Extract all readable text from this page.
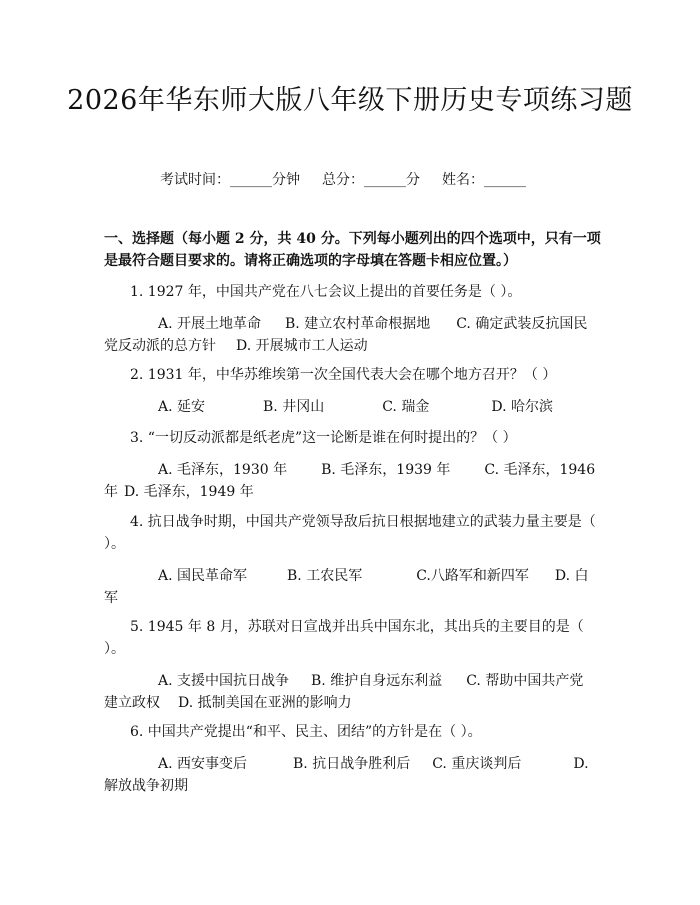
2026年华东师大版八年级下册历史专项练习题
考试时间：______分钟 总分：______分 姓名：______
一、选择题（每小题 2 分，共 40 分。下列每小题列出的四个选项中，只有一项是最符合题目要求的。请将正确选项的字母填在答题卡相应位置。）
1. 1927 年，中国共产党在八七会议上提出的首要任务是（ ）。
A. 开展土地革命 B. 建立农村革命根据地 C. 确定武装反抗国民党反动派的总方针 D. 开展城市工人运动
2. 1931 年，中华苏维埃第一次全国代表大会在哪个地方召开？（ ）
A. 延安	B. 井冈山	C. 瑞金	D. 哈尔滨
3. “一切反动派都是纸老虎”这一论断是谁在何时提出的？（ ）
A. 毛泽东，1930 年 B. 毛泽东，1939 年 C. 毛泽东，1946 年 D. 毛泽东，1949 年
4. 抗日战争时期，中国共产党领导敌后抗日根据地建立的武装力量主要是（ ）。
A. 国民革命军	B. 工农民军	C.八路军和新四军 D. 白军
5. 1945 年 8 月，苏联对日宣战并出兵中国东北，其出兵的主要目的是（ ）。
A. 支援中国抗日战争 B. 维护自身远东利益 C. 帮助中国共产党建立政权 D. 抵制美国在亚洲的影响力
6. 中国共产党提出“和平、民主、团结”的方针是在（ ）。
A. 西安事变后	B. 抗日战争胜利后 C. 重庆谈判后	D. 解放战争初期
